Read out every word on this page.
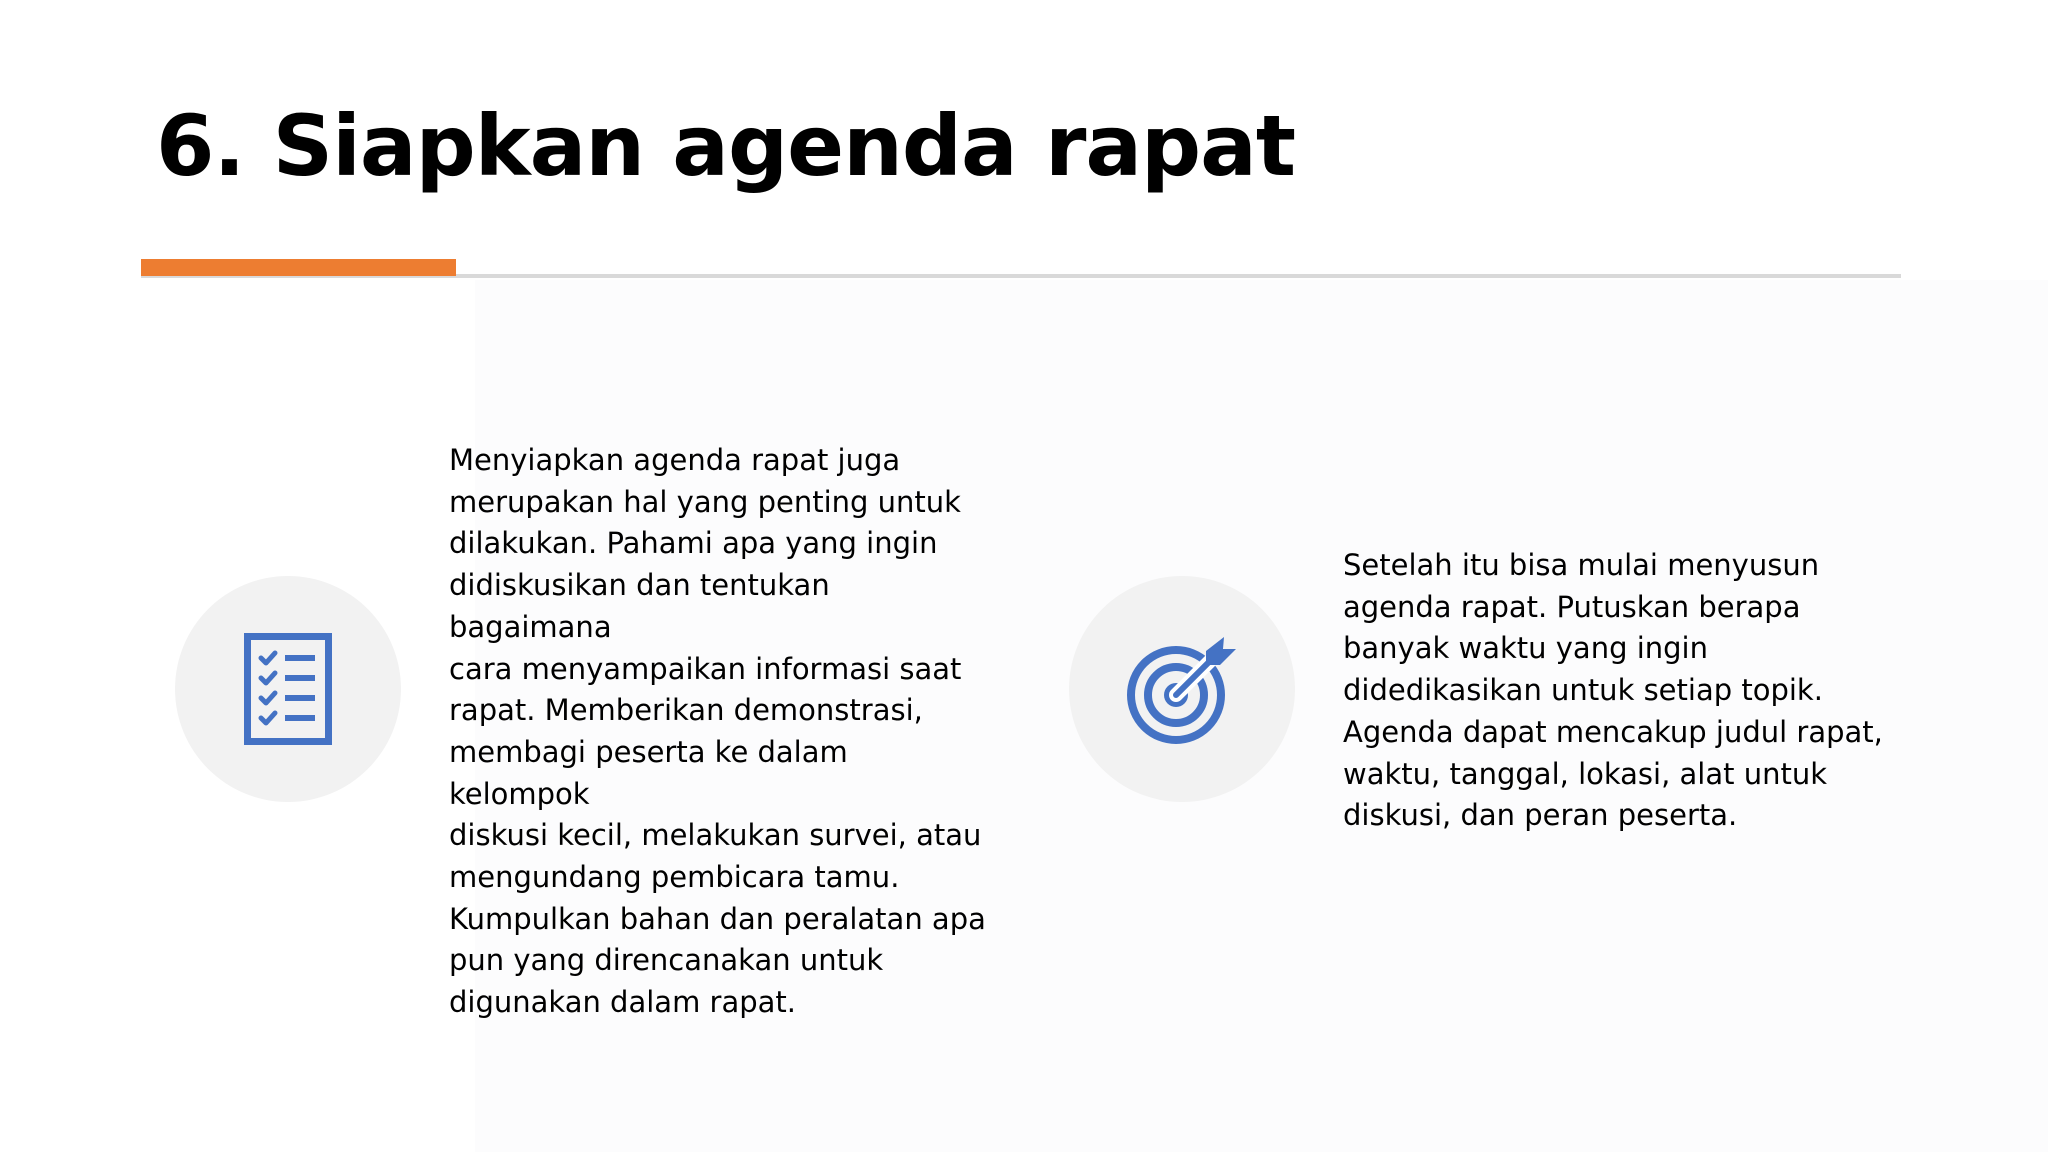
6. Siapkan agenda rapat

Menyiapkan agenda rapat juga
merupakan hal yang penting untuk
dilakukan. Pahami apa yang ingin
didiskusikan dan tentukan bagaimana
cara menyampaikan informasi saat
rapat. Memberikan demonstrasi,
membagi peserta ke dalam kelompok
diskusi kecil, melakukan survei, atau
mengundang pembicara tamu.
Kumpulkan bahan dan peralatan apa
pun yang direncanakan untuk
digunakan dalam rapat.

Setelah itu bisa mulai menyusun
agenda rapat. Putuskan berapa
banyak waktu yang ingin
didedikasikan untuk setiap topik.
Agenda dapat mencakup judul rapat,
waktu, tanggal, lokasi, alat untuk
diskusi, dan peran peserta.
